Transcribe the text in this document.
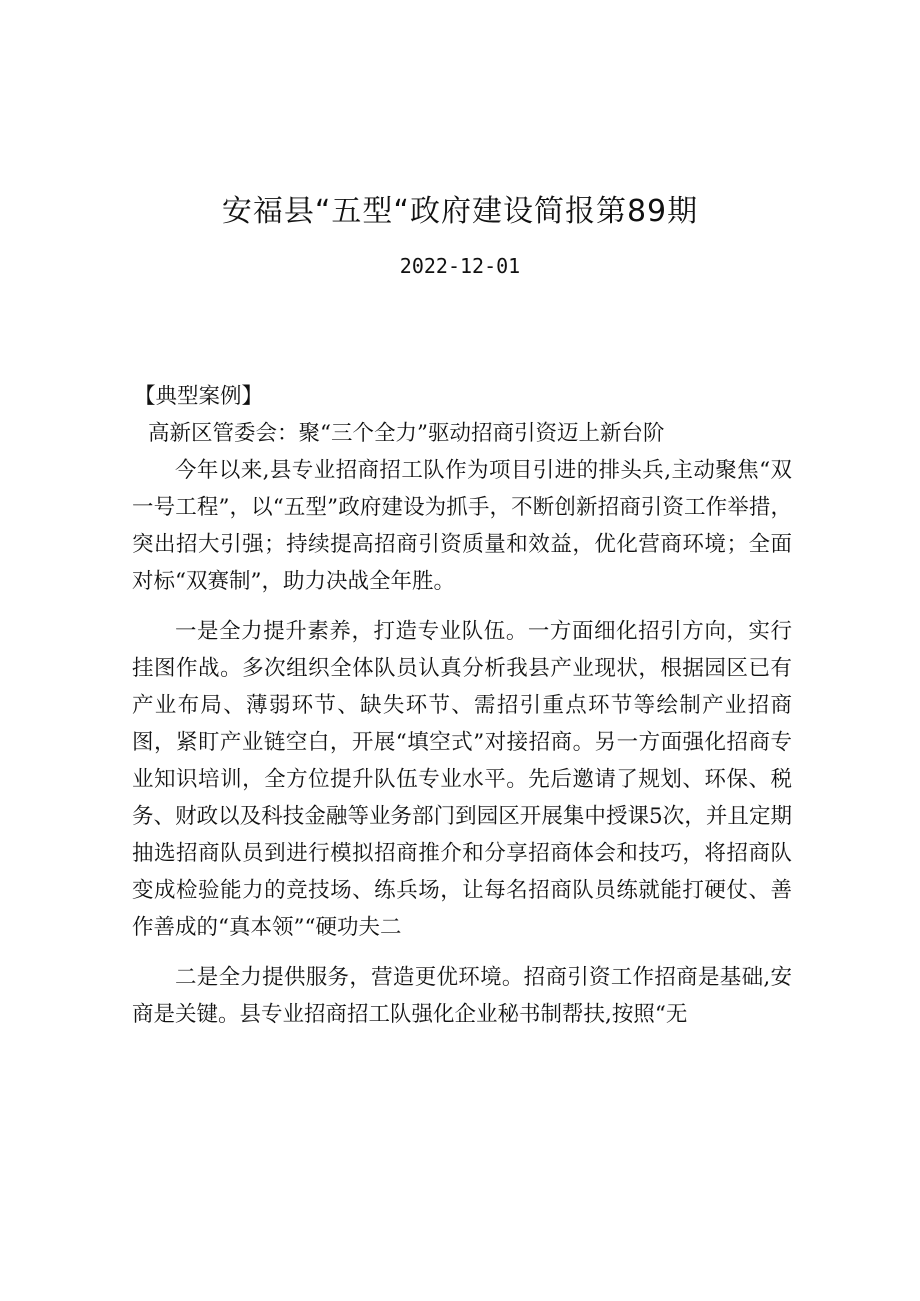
安福县“五型“政府建设简报第89期
2022-12-01

【典型案例】

高新区管委会：聚“三个全力”驱动招商引资迈上新台阶

今年以来,县专业招商招工队作为项目引进的排头兵,主动聚焦“双一号工程”，以“五型”政府建设为抓手，不断创新招商引资工作举措，突出招大引强；持续提高招商引资质量和效益，优化营商环境；全面对标“双赛制”，助力决战全年胜。

一是全力提升素养，打造专业队伍。一方面细化招引方向，实行挂图作战。多次组织全体队员认真分析我县产业现状，根据园区已有产业布局、薄弱环节、缺失环节、需招引重点环节等绘制产业招商图，紧盯产业链空白，开展“填空式”对接招商。另一方面强化招商专业知识培训，全方位提升队伍专业水平。先后邀请了规划、环保、税务、财政以及科技金融等业务部门到园区开展集中授课5次，并且定期抽选招商队员到进行模拟招商推介和分享招商体会和技巧，将招商队变成检验能力的竞技场、练兵场，让每名招商队员练就能打硬仗、善作善成的“真本领”“硬功夫二

二是全力提供服务，营造更优环境。招商引资工作招商是基础,安商是关键。县专业招商招工队强化企业秘书制帮扶,按照“无
